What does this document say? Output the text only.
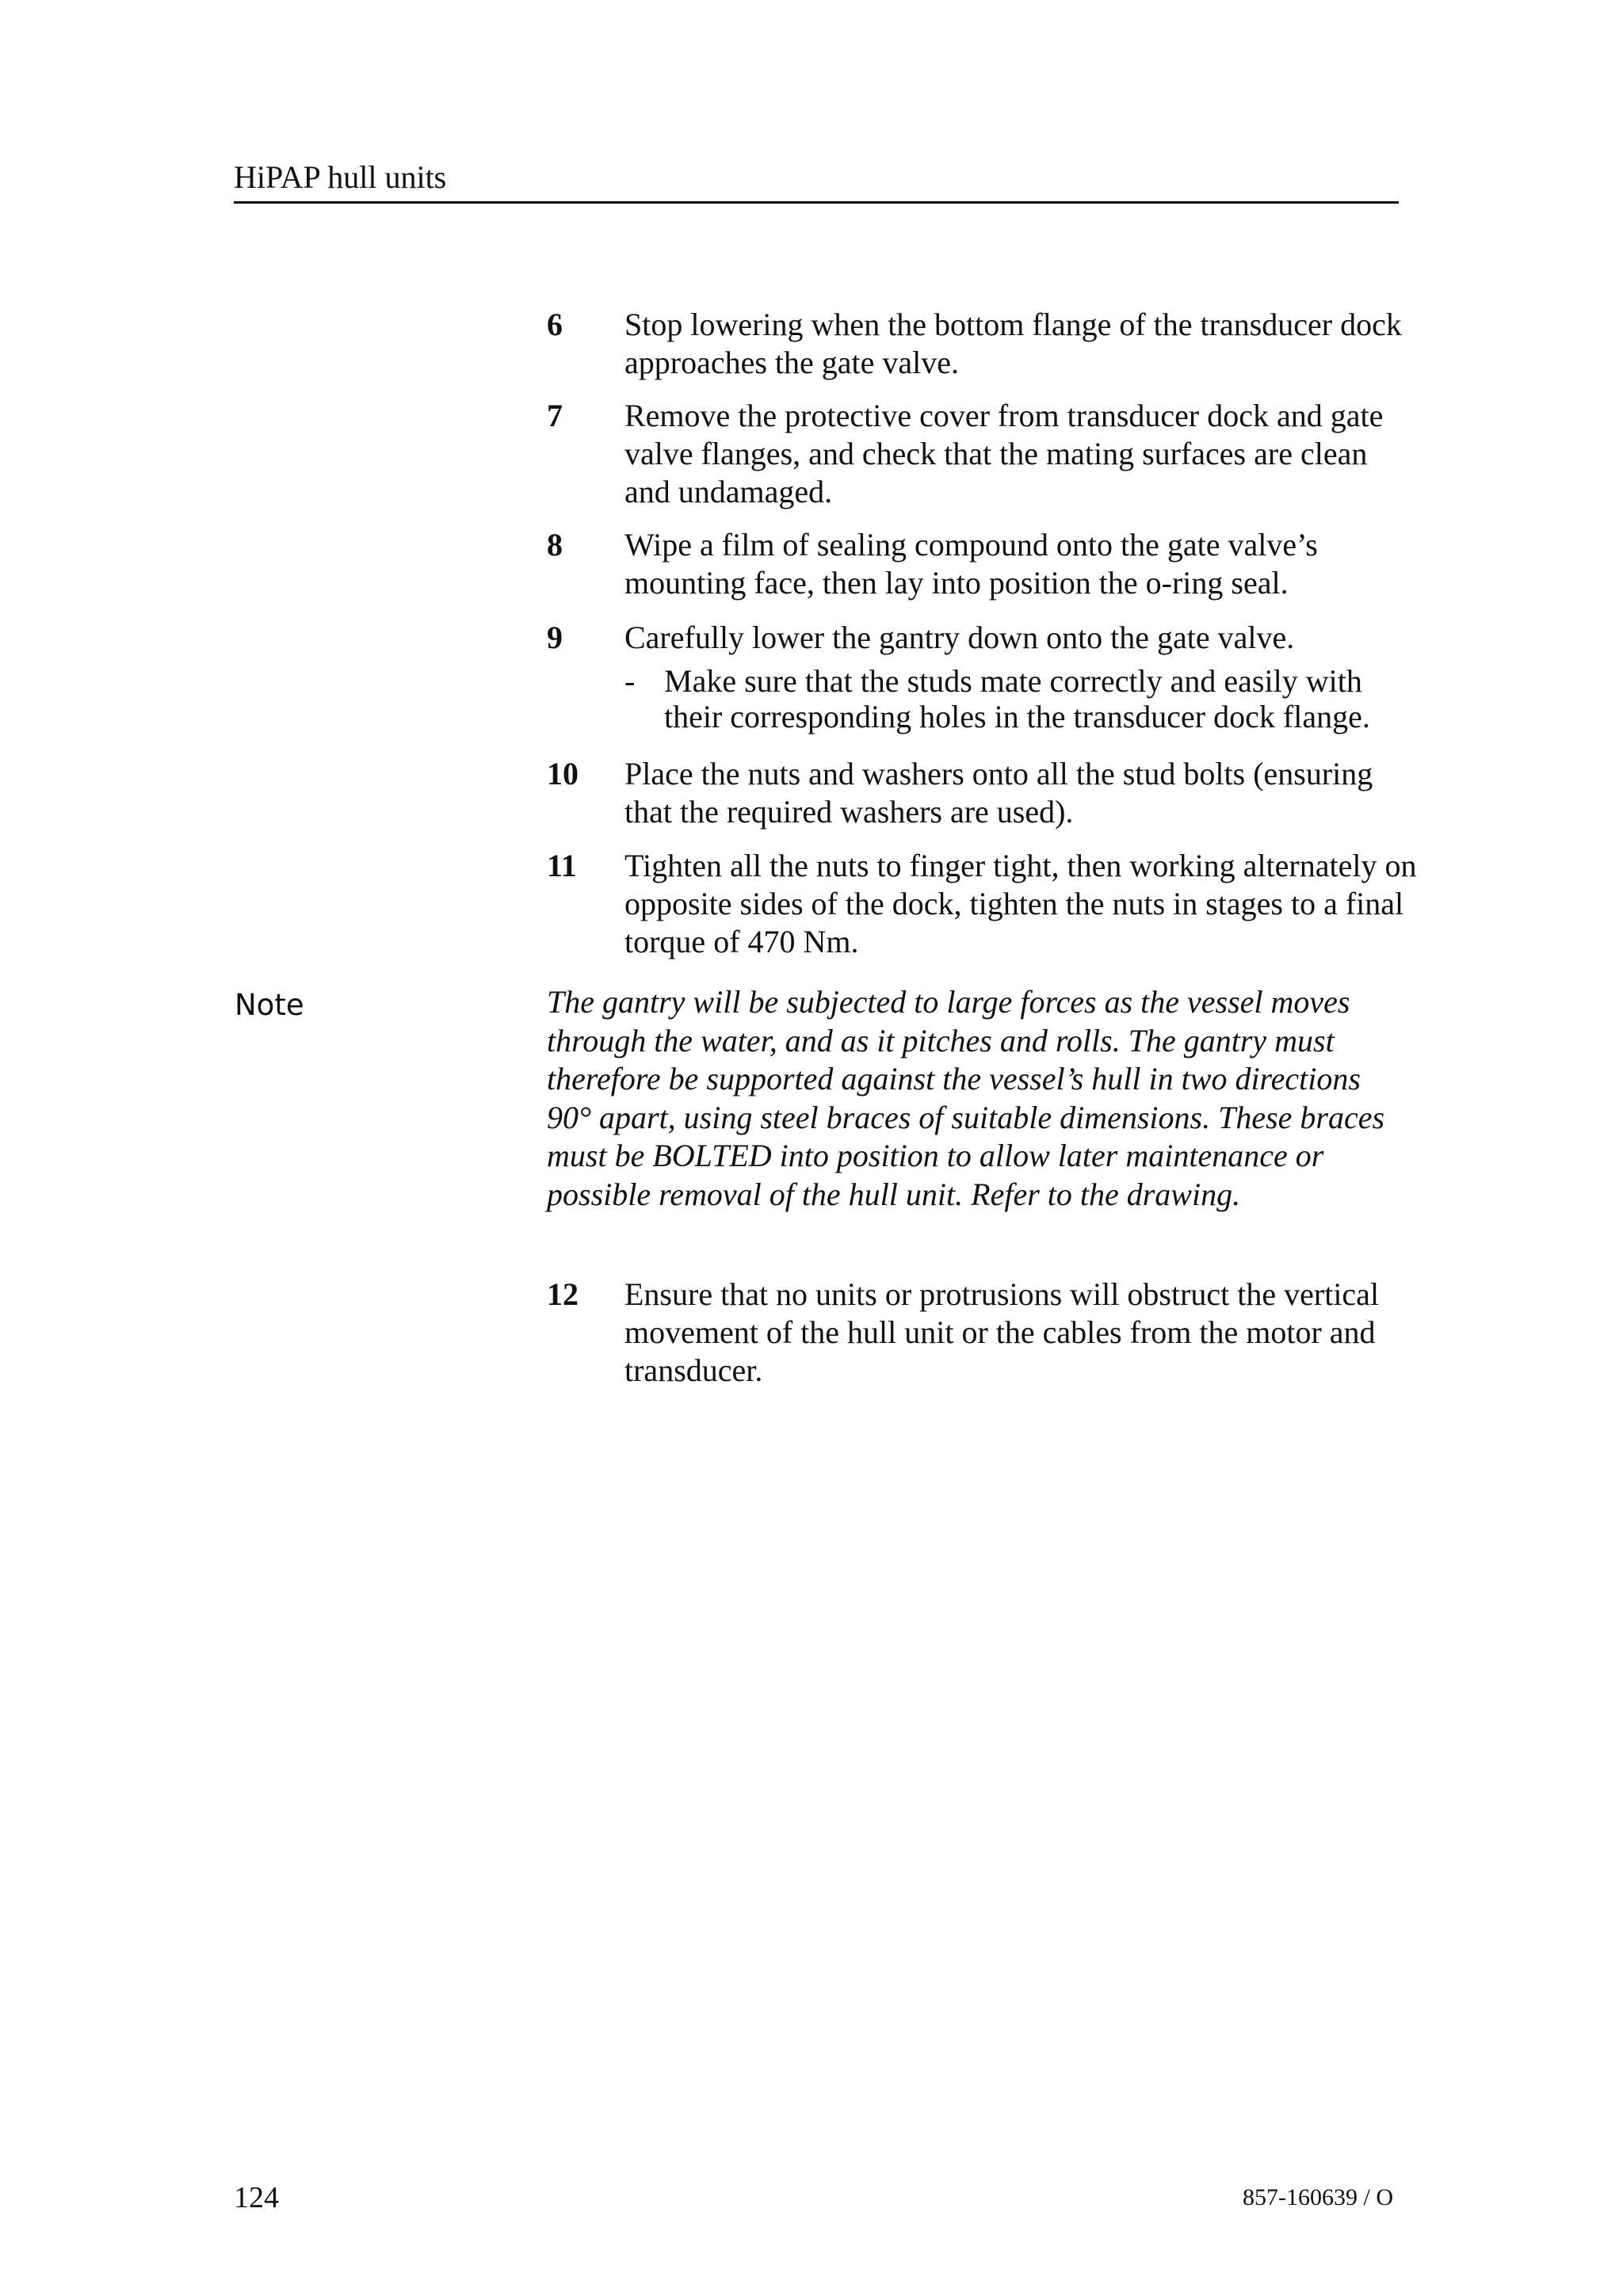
HiPAP hull units
6 Stop lowering when the bottom flange of the transducer dock approaches the gate valve.
7 Remove the protective cover from transducer dock and gate valve flanges, and check that the mating surfaces are clean and undamaged.
8 Wipe a film of sealing compound onto the gate valve’s mounting face, then lay into position the o-ring seal.
9 Carefully lower the gantry down onto the gate valve.
- Make sure that the studs mate correctly and easily with their corresponding holes in the transducer dock flange.
10 Place the nuts and washers onto all the stud bolts (ensuring that the required washers are used).
11 Tighten all the nuts to finger tight, then working alternately on opposite sides of the dock, tighten the nuts in stages to a final torque of 470 Nm.
Note	The gantry will be subjected to large forces as the vessel moves through the water, and as it pitches and rolls. The gantry must therefore be supported against the vessel’s hull in two directions 90° apart, using steel braces of suitable dimensions. These braces must be BOLTED into position to allow later maintenance or possible removal of the hull unit. Refer to the drawing.
12 Ensure that no units or protrusions will obstruct the vertical movement of the hull unit or the cables from the motor and transducer.
124	857-160639 / O
